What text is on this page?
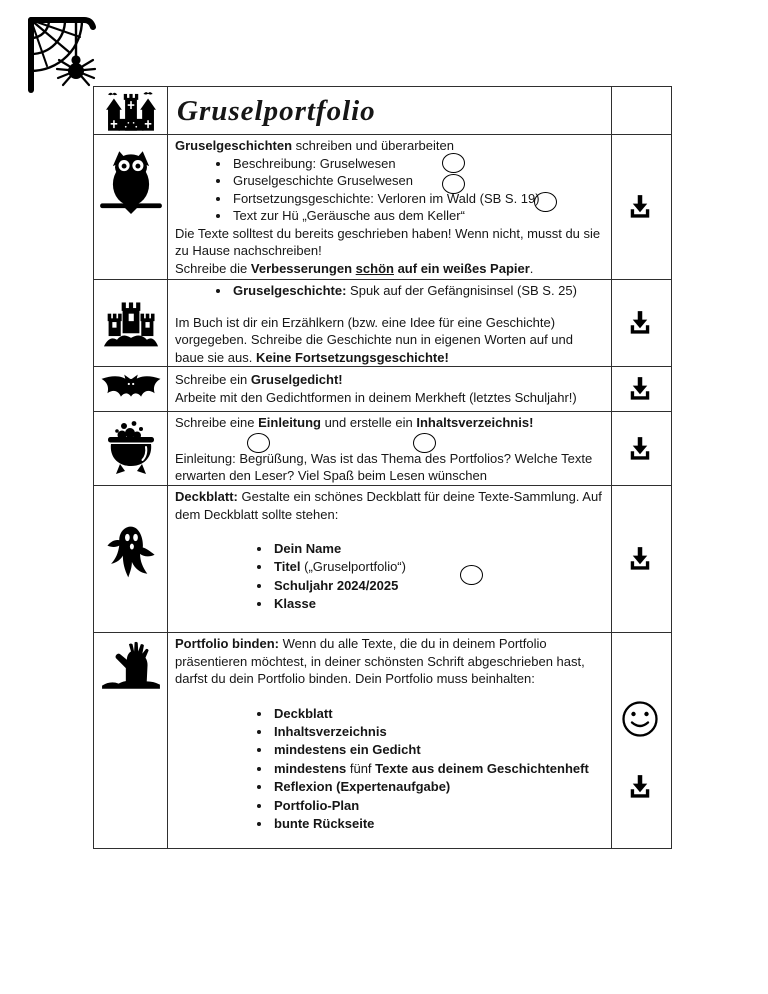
Gruselportfolio
Gruselgeschichten schreiben und überarbeiten
• Beschreibung: Gruselwesen
• Gruselgeschichte Gruselwesen
• Fortsetzungsgeschichte: Verloren im Wald (SB S. 19)
• Text zur Hü „Geräusche aus dem Keller“
Die Texte solltest du bereits geschrieben haben! Wenn nicht, musst du sie zu Hause nachschreiben!
Schreibe die Verbesserungen schön auf ein weißes Papier.
• Gruselgeschichte: Spuk auf der Gefängnisinsel (SB S. 25)
Im Buch ist dir ein Erzählkern (bzw. eine Idee für eine Geschichte) vorgegeben. Schreibe die Geschichte nun in eigenen Worten auf und baue sie aus. Keine Fortsetzungsgeschichte!
Schreibe ein Gruselgedicht!
Arbeite mit den Gedichtformen in deinem Merkheft (letztes Schuljahr!)
Schreibe eine Einleitung und erstelle ein Inhaltsverzeichnis!
Einleitung: Begrüßung, Was ist das Thema des Portfolios? Welche Texte erwarten den Leser? Viel Spaß beim Lesen wünschen
Deckblatt: Gestalte ein schönes Deckblatt für deine Texte-Sammlung. Auf dem Deckblatt sollte stehen:
• Dein Name
• Titel („Gruselportfolio“)
• Schuljahr 2024/2025
• Klasse
Portfolio binden: Wenn du alle Texte, die du in deinem Portfolio präsentieren möchtest, in deiner schönsten Schrift abgeschrieben hast, darfst du dein Portfolio binden. Dein Portfolio muss beinhalten:
• Deckblatt
• Inhaltsverzeichnis
• mindestens ein Gedicht
• mindestens fünf Texte aus deinem Geschichtenheft
• Reflexion (Expertenaufgabe)
• Portfolio-Plan
• bunte Rückseite
